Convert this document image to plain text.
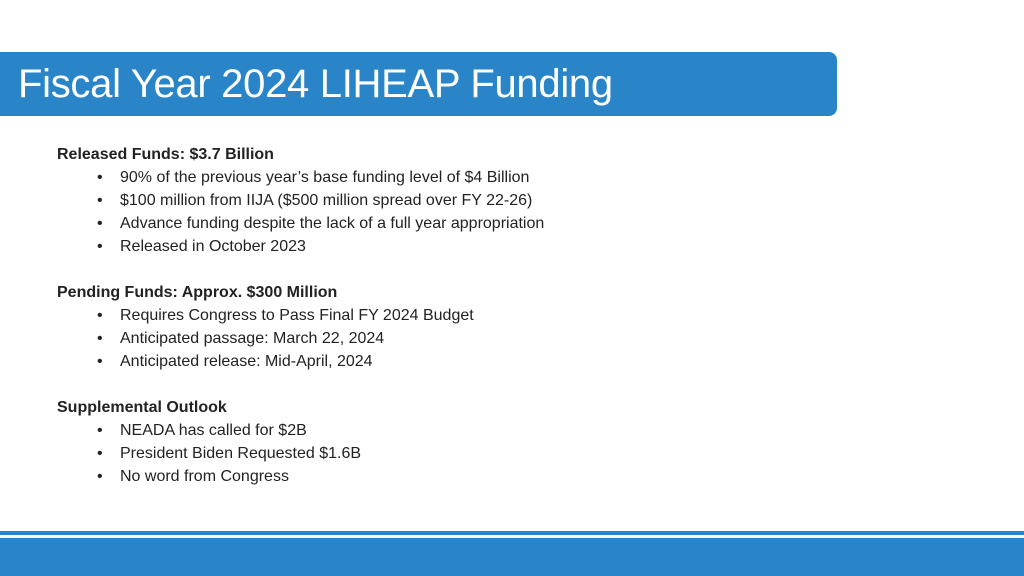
Fiscal Year 2024 LIHEAP Funding
Released Funds: $3.7 Billion
• 90% of the previous year’s base funding level of $4 Billion
• $100 million from IIJA ($500 million spread over FY 22-26)
• Advance funding despite the lack of a full year appropriation
• Released in October 2023
Pending Funds: Approx. $300 Million
• Requires Congress to Pass Final FY 2024 Budget
• Anticipated passage: March 22, 2024
• Anticipated release: Mid-April, 2024
Supplemental Outlook
• NEADA has called for $2B
• President Biden Requested $1.6B
• No word from Congress
